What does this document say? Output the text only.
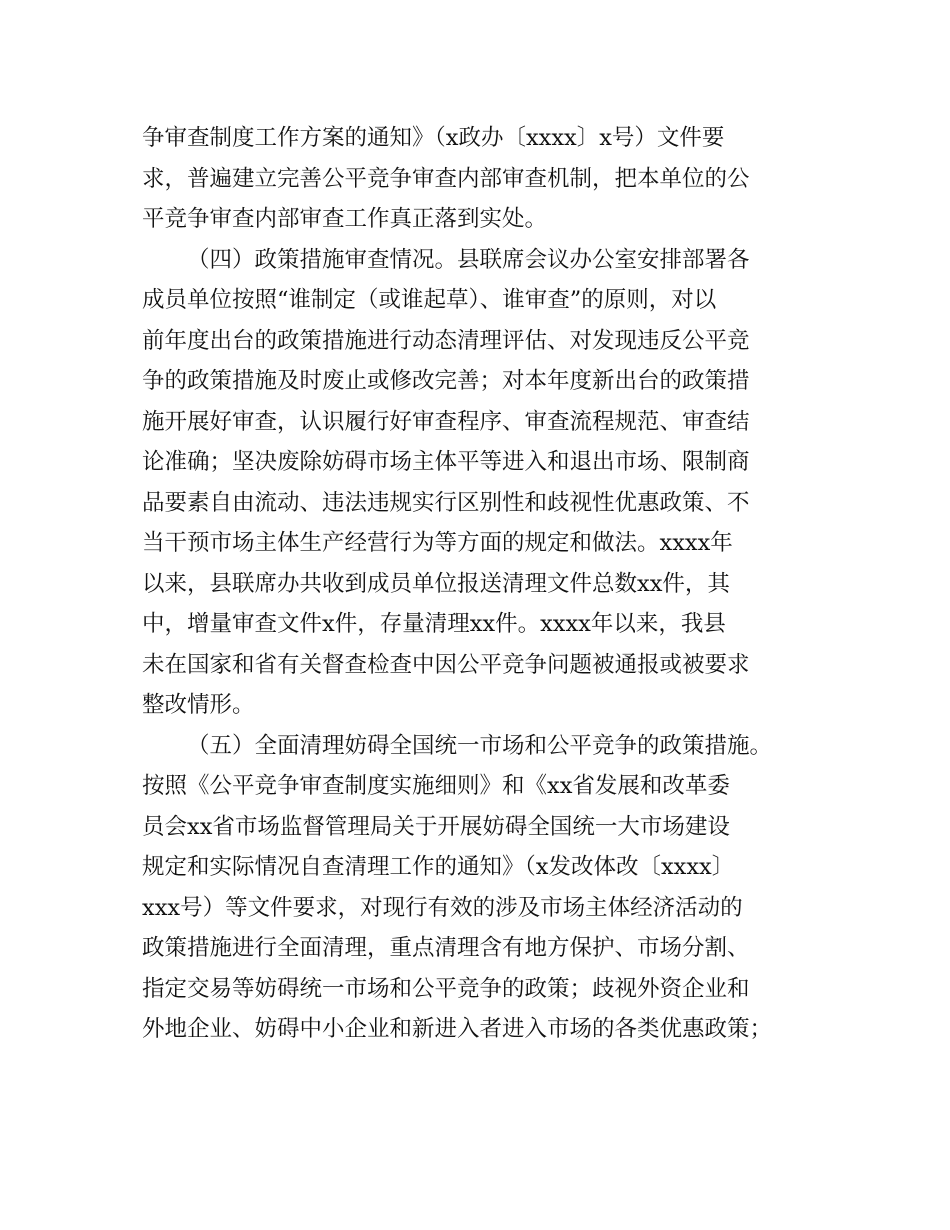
争审查制度工作方案的通知》（x政办〔xxxx〕x号）文件要
求，普遍建立完善公平竞争审查内部审查机制，把本单位的公
平竞争审查内部审查工作真正落到实处。
（四）政策措施审查情况。县联席会议办公室安排部署各
成员单位按照“谁制定（或谁起草）、谁审查”的原则，对以
前年度出台的政策措施进行动态清理评估、对发现违反公平竞
争的政策措施及时废止或修改完善；对本年度新出台的政策措
施开展好审查，认识履行好审查程序、审查流程规范、审查结
论准确；坚决废除妨碍市场主体平等进入和退出市场、限制商
品要素自由流动、违法违规实行区别性和歧视性优惠政策、不
当干预市场主体生产经营行为等方面的规定和做法。xxxx年
以来，县联席办共收到成员单位报送清理文件总数xx件，其
中，增量审查文件x件，存量清理xx件。xxxx年以来，我县
未在国家和省有关督查检查中因公平竞争问题被通报或被要求
整改情形。
（五）全面清理妨碍全国统一市场和公平竞争的政策措施。
按照《公平竞争审查制度实施细则》和《xx省发展和改革委
员会xx省市场监督管理局关于开展妨碍全国统一大市场建设
规定和实际情况自查清理工作的通知》（x发改体改〔xxxx〕
xxx号）等文件要求，对现行有效的涉及市场主体经济活动的
政策措施进行全面清理，重点清理含有地方保护、市场分割、
指定交易等妨碍统一市场和公平竞争的政策；歧视外资企业和
外地企业、妨碍中小企业和新进入者进入市场的各类优惠政策；
